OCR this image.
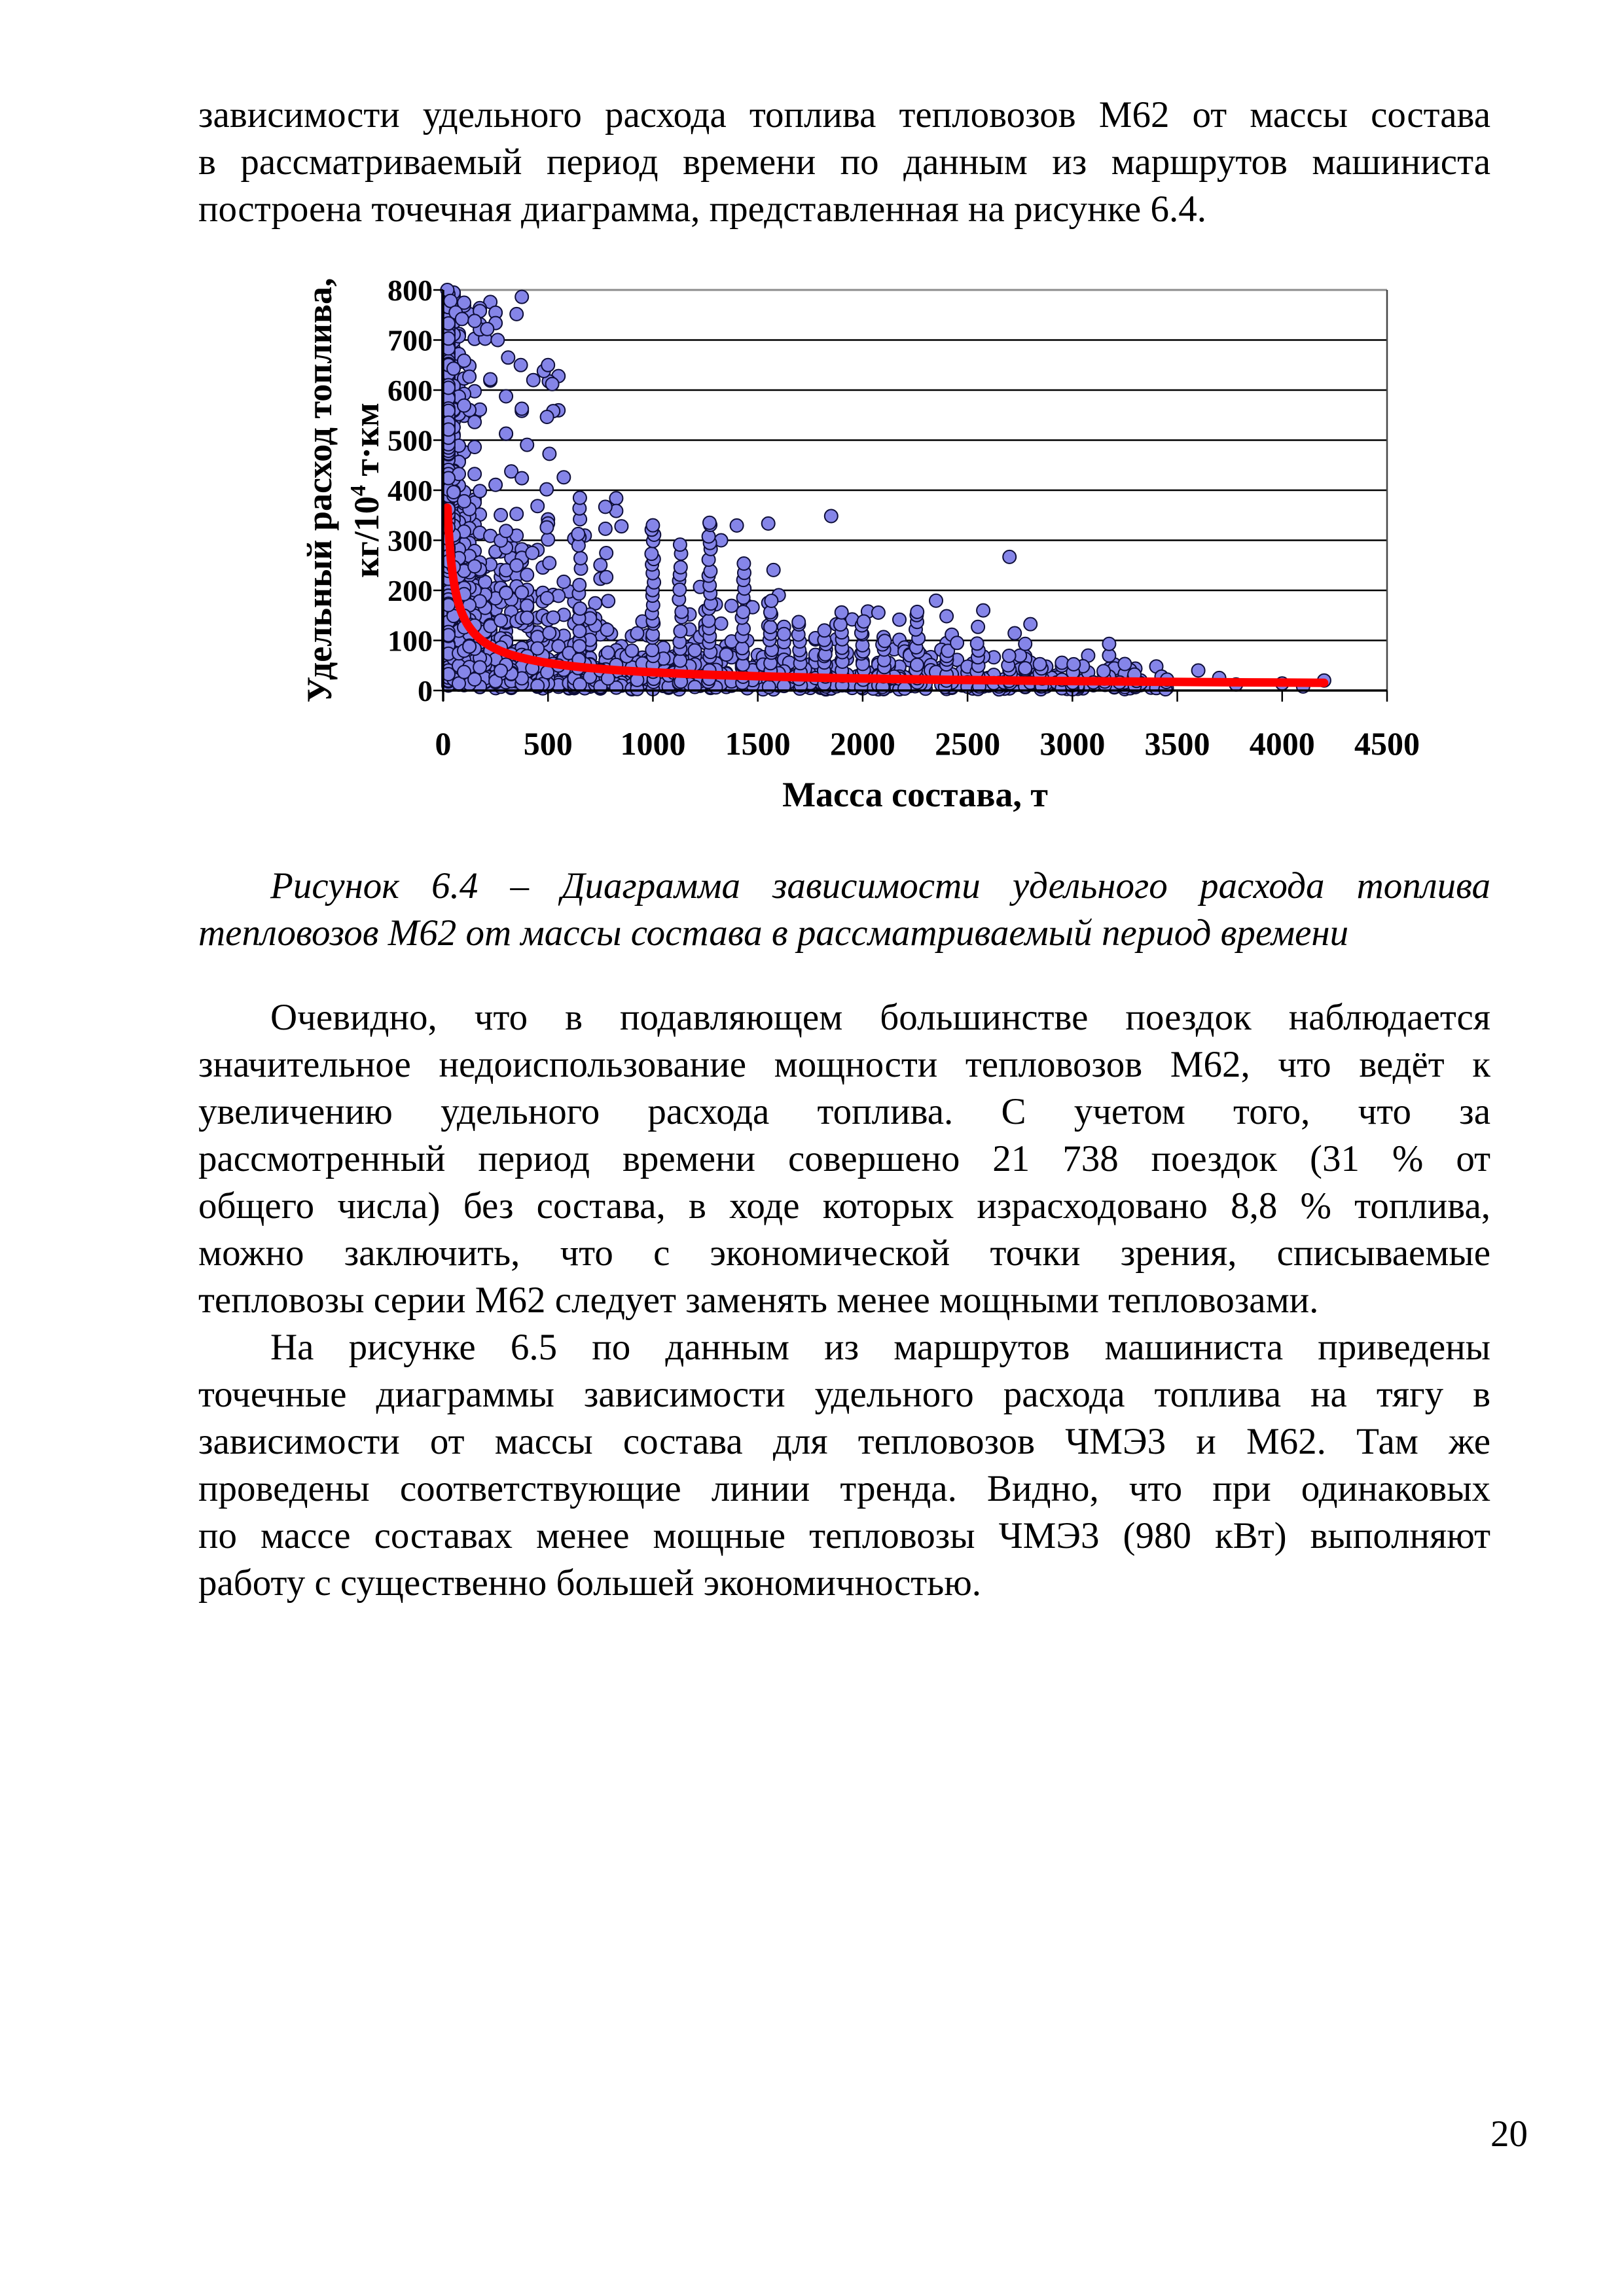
зависимости удельного расхода топлива тепловозов М62 от массы состава
в рассматриваемый период времени по данным из маршрутов машиниста
построена точечная диаграмма, представленная на рисунке 6.4.

0
100
200
300
400
500
600
700
800
0 500 1000 1500 2000 2500 3000 3500 4000 4500
Удельный расход топлива, $кг/10^4$ т·км
Масса состава, т
Рисунок 6.4 – Диаграмма зависимости удельного расхода топлива
тепловозов М62 от массы состава в рассматриваемый период времени

Очевидно, что в подавляющем большинстве поездок наблюдается
значительное недоиспользование мощности тепловозов М62, что ведёт к
увеличению удельного расхода топлива. С учетом того, что за
рассмотренный период времени совершено 21 738 поездок (31 % от
общего числа) без состава, в ходе которых израсходовано 8,8 % топлива,
можно заключить, что с экономической точки зрения, списываемые
тепловозы серии М62 следует заменять менее мощными тепловозами.

На рисунке 6.5 по данным из маршрутов машиниста приведены
точечные диаграммы зависимости удельного расхода топлива на тягу в
зависимости от массы состава для тепловозов ЧМЭ3 и М62. Там же
проведены соответствующие линии тренда. Видно, что при одинаковых
по массе составах менее мощные тепловозы ЧМЭ3 (980 кВт) выполняют
работу с существенно большей экономичностью.

20
